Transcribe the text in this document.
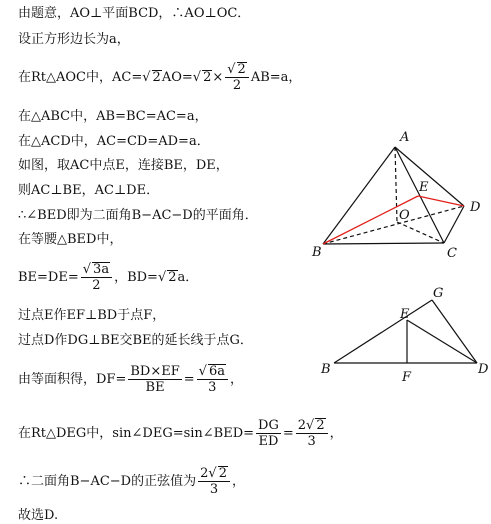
由题意，AO⊥平面BCD，∴AO⊥OC．
设正方形边长为a，
在Rt△AOC中，AC=√ 2AO=√ $2\times \frac{√ 2}{2} AB=a$，
在△ABC中，AB=BC=AC=a，
在△ACD中，AC=CD=AD=a．
如图，取AC中点E，连接BE，DE，
则AC⊥BE，AC⊥DE．
∴∠BED即为二面角B−AC−D的平面角．
在等腰△BED中，
$BE=DE= \frac{√ 3a}{2}$ ，BD=√ 2a．
过点E作EF⊥BD于点F，
过点D作DG⊥BE交BE的延长线于点G．
由等面积得，$DF= \frac{BD\times EF}{BE} = \frac{√ 6a}{3}$ ，
在Rt△DEG中，sin∠DEG=sin∠BED= $\frac{DG}{ED} = \frac{2√ 2}{3}$ ，
∴二面角B−AC−D的正弦值为 $\frac{2√ 2}{3}$ ，
故选D.
A
E
D
O
B	C
G
E
B
F
D
